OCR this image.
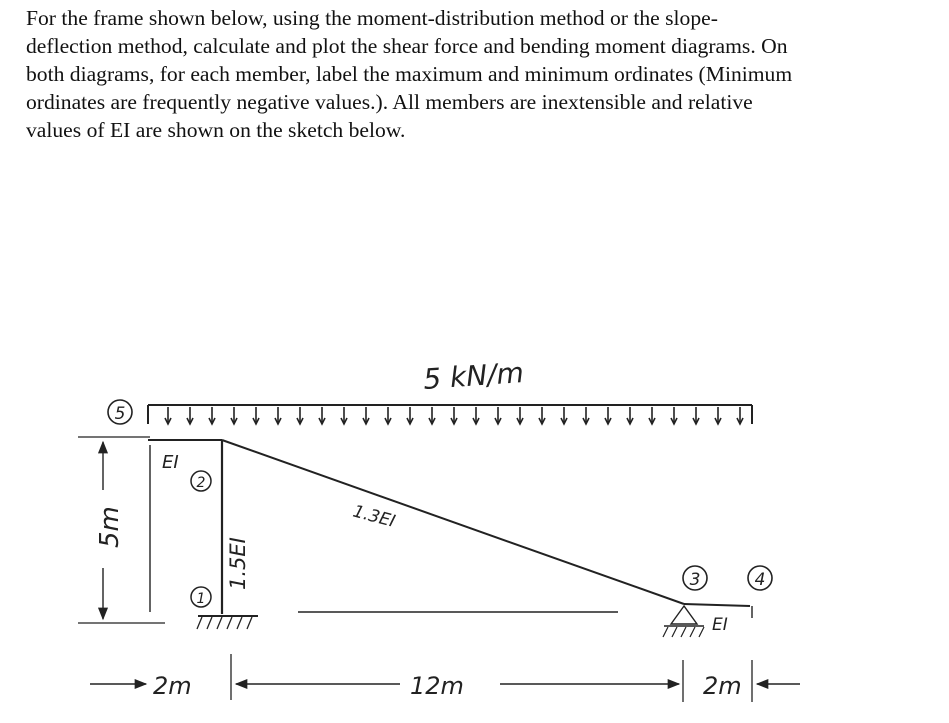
For the frame shown below, using the moment-distribution method or the slope-
deflection method, calculate and plot the shear force and bending moment diagrams. On
both diagrams, for each member, label the maximum and minimum ordinates (Minimum
ordinates are frequently negative values.). All members are inextensible and relative
values of EI are shown on the sketch below.
5
2
1
3	4
5 kN/m
EI
1.5EI
1.3EI
EI
5m
2m	12m	2m
